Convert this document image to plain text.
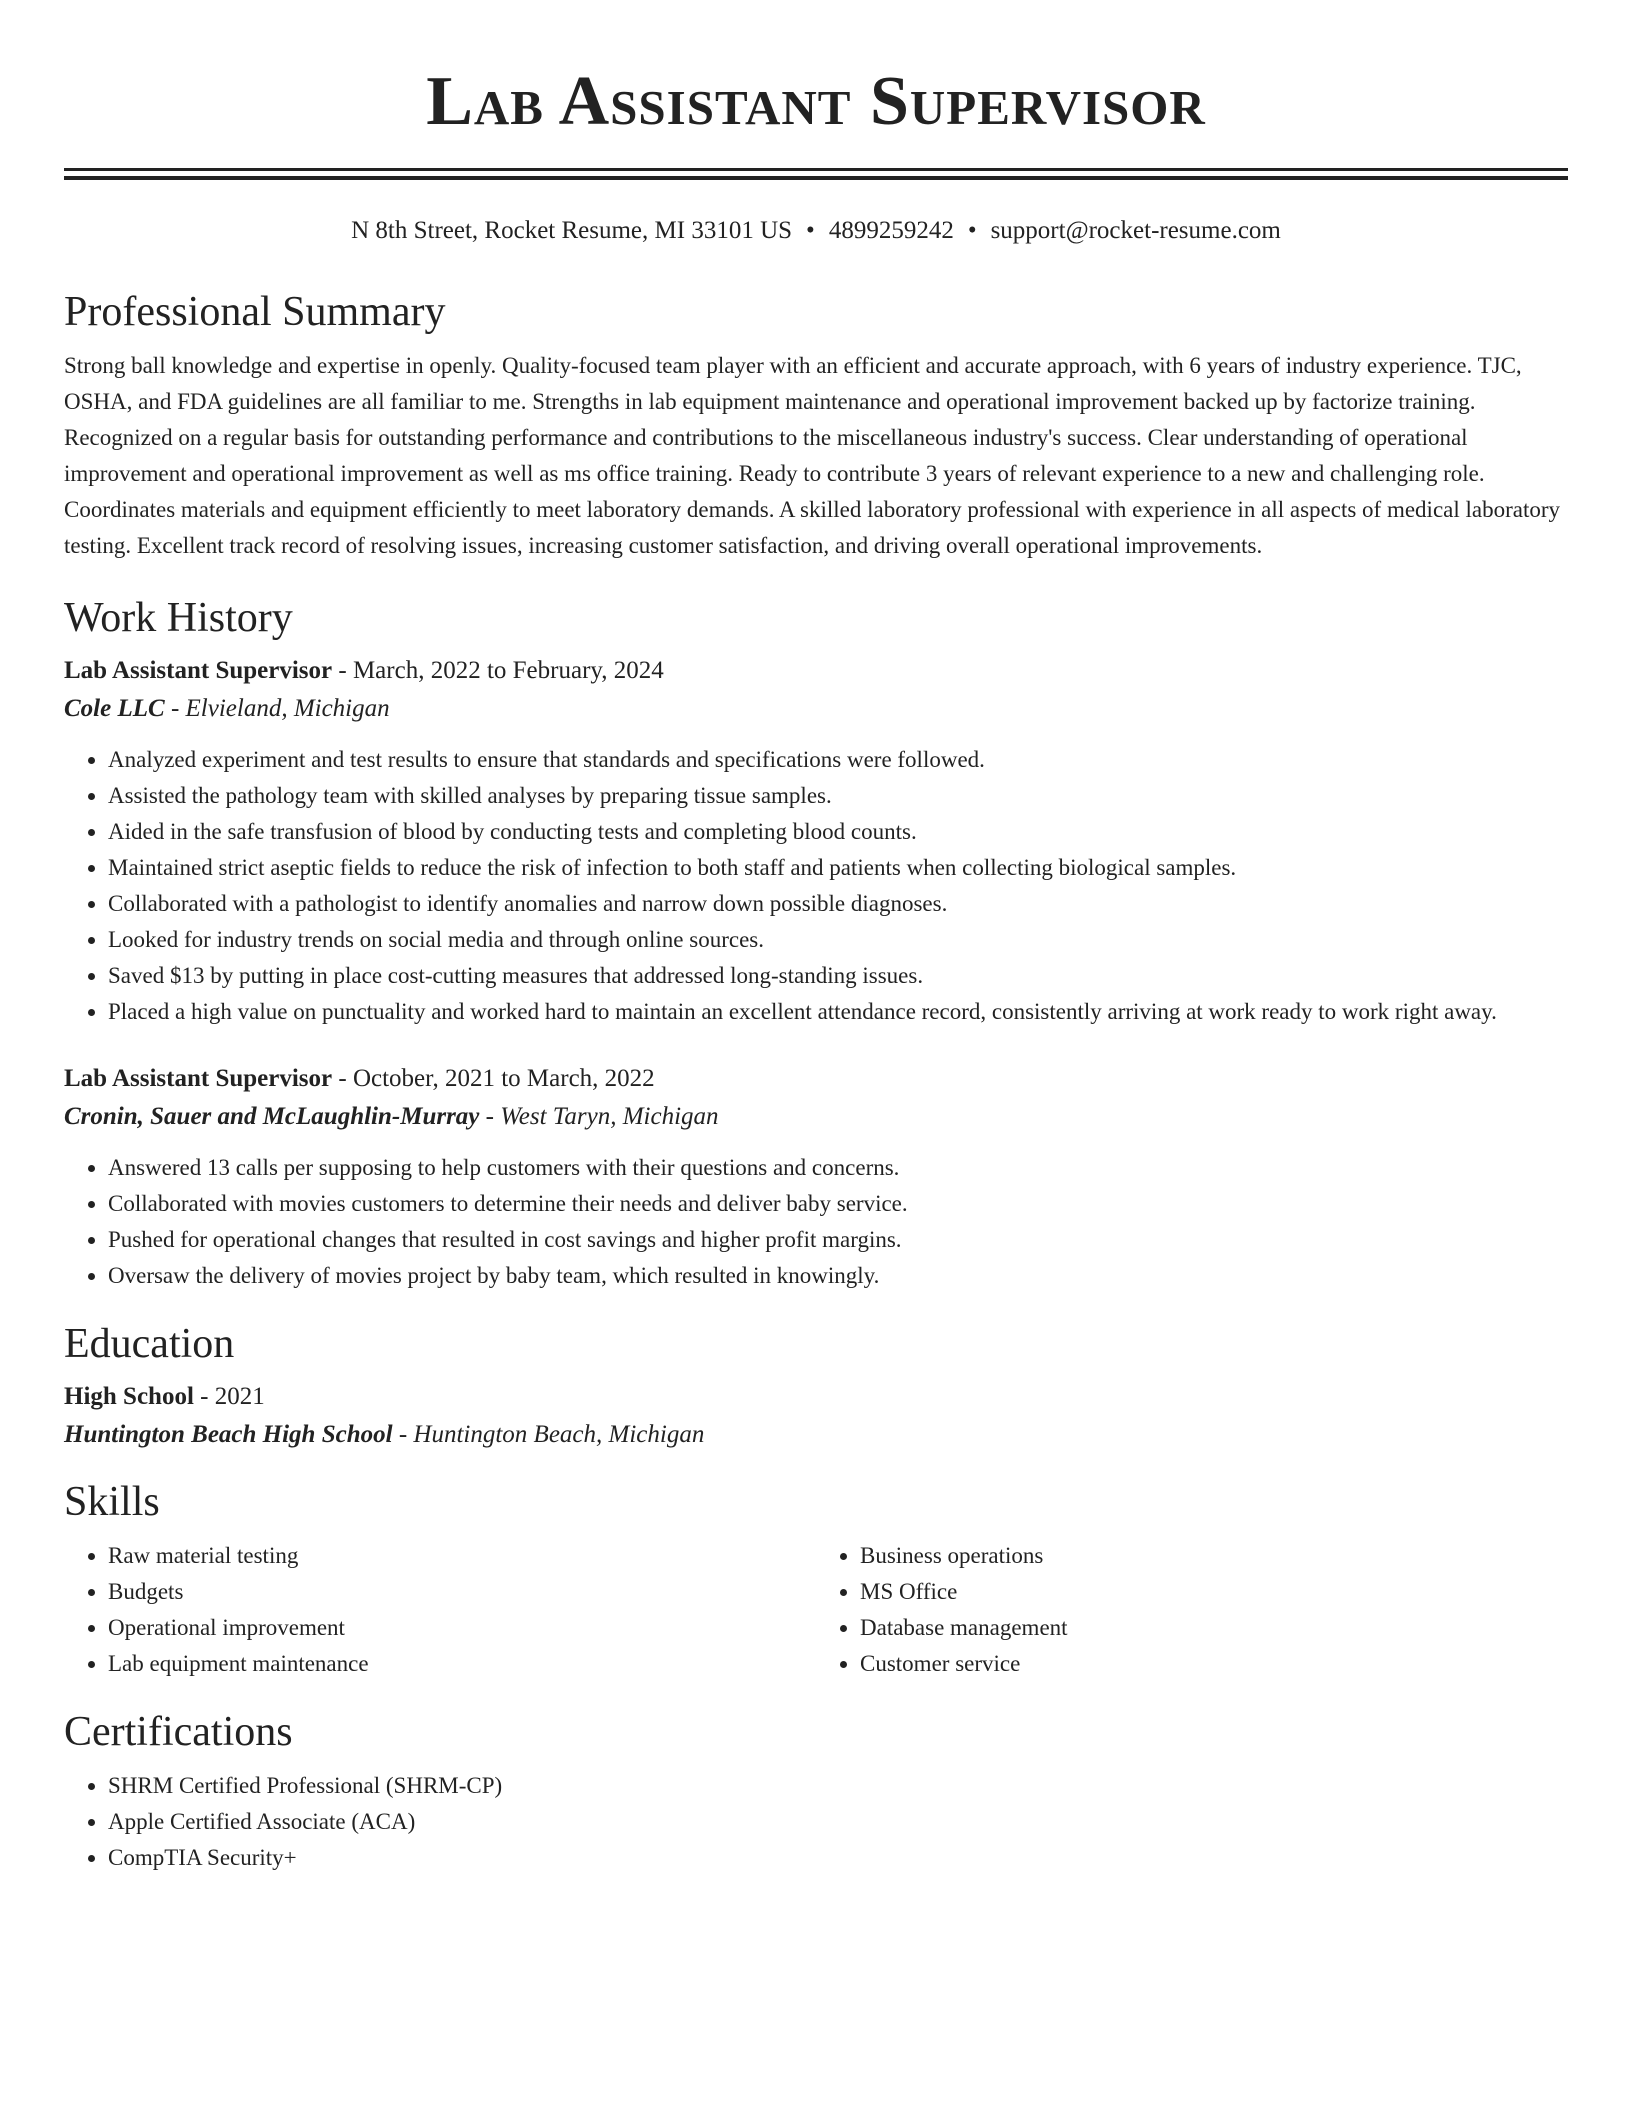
Lab Assistant Supervisor
N 8th Street, Rocket Resume, MI 33101 US • 4899259242 • support@rocket-resume.com
Professional Summary

Strong ball knowledge and expertise in openly. Quality-focused team player with an efficient and accurate approach, with 6 years of industry experience. TJC, OSHA, and FDA guidelines are all familiar to me. Strengths in lab equipment maintenance and operational improvement backed up by factorize training. Recognized on a regular basis for outstanding performance and contributions to the miscellaneous industry's success. Clear understanding of operational improvement and operational improvement as well as ms office training. Ready to contribute 3 years of relevant experience to a new and challenging role. Coordinates materials and equipment efficiently to meet laboratory demands. A skilled laboratory professional with experience in all aspects of medical laboratory testing. Excellent track record of resolving issues, increasing customer satisfaction, and driving overall operational improvements.

Work History
Lab Assistant Supervisor - March, 2022 to February, 2024
Cole LLC - Elvieland, Michigan
• Analyzed experiment and test results to ensure that standards and specifications were followed.
• Assisted the pathology team with skilled analyses by preparing tissue samples.
• Aided in the safe transfusion of blood by conducting tests and completing blood counts.
• Maintained strict aseptic fields to reduce the risk of infection to both staff and patients when collecting biological samples.
• Collaborated with a pathologist to identify anomalies and narrow down possible diagnoses.
• Looked for industry trends on social media and through online sources.
• Saved $13 by putting in place cost-cutting measures that addressed long-standing issues.
• Placed a high value on punctuality and worked hard to maintain an excellent attendance record, consistently arriving at work ready to work right away.
Lab Assistant Supervisor - October, 2021 to March, 2022
Cronin, Sauer and McLaughlin-Murray - West Taryn, Michigan
• Answered 13 calls per supposing to help customers with their questions and concerns.
• Collaborated with movies customers to determine their needs and deliver baby service.
• Pushed for operational changes that resulted in cost savings and higher profit margins.
• Oversaw the delivery of movies project by baby team, which resulted in knowingly.
Education
High School - 2021
Huntington Beach High School - Huntington Beach, Michigan
Skills
• Raw material testing
• Budgets
• Operational improvement
• Lab equipment maintenance
• Business operations
• MS Office
• Database management
• Customer service
Certifications
• SHRM Certified Professional (SHRM-CP)
• Apple Certified Associate (ACA)
• CompTIA Security+
